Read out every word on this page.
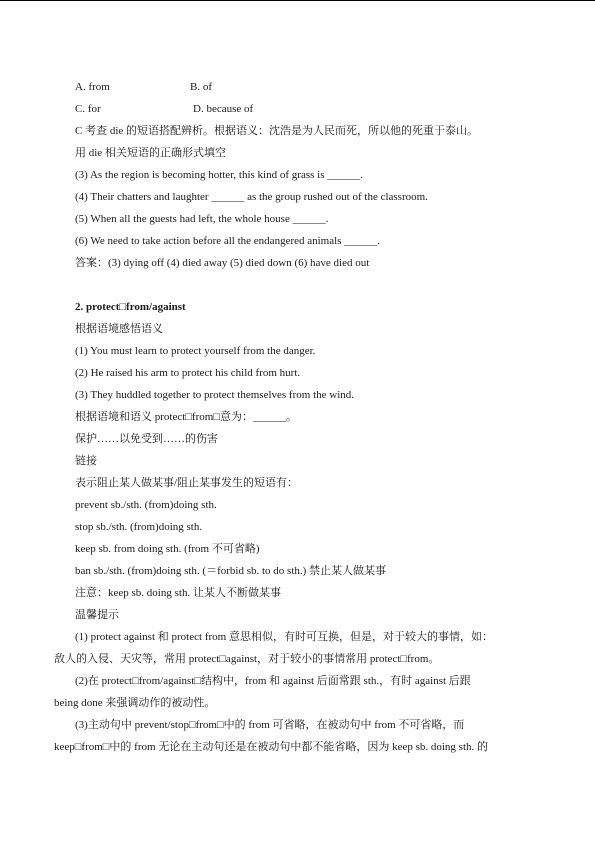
A. from	B. of
C. for	D. because of
C 考查 die 的短语搭配辨析。根据语义：沈浩是为人民而死，所以他的死重于泰山。
用 die 相关短语的正确形式填空
(3) As the region is becoming hotter, this kind of grass is ______.
(4) Their chatters and laughter ______ as the group rushed out of the classroom.
(5) When all the guests had left, the whole house ______.
(6) We need to take action before all the endangered animals ______.
答案：(3) dying off (4) died away (5) died down (6) have died out
2. protect□from/against
根据语境感悟语义
(1) You must learn to protect yourself from the danger.
(2) He raised his arm to protect his child from hurt.
(3) They huddled together to protect themselves from the wind.
根据语境和语义 protect□from□意为：______。
保护……以免受到……的伤害
链接
表示阻止某人做某事/阻止某事发生的短语有：
prevent sb./sth. (from)doing sth.
stop sb./sth. (from)doing sth.
keep sb. from doing sth. (from 不可省略)
ban sb./sth. (from)doing sth. (＝forbid sb. to do sth.) 禁止某人做某事
注意：keep sb. doing sth. 让某人不断做某事
温馨提示
(1) protect against 和 protect from 意思相似，有时可互换，但是，对于较大的事情，如：
敌人的入侵、天灾等，常用 protect□against，对于较小的事情常用 protect□from。
(2)在 protect□from/against□结构中，from 和 against 后面常跟 sth.，有时 against 后跟
being done 来强调动作的被动性。
(3)主动句中 prevent/stop□from□中的 from 可省略，在被动句中 from 不可省略，而
keep□from□中的 from 无论在主动句还是在被动句中都不能省略，因为 keep sb. doing sth. 的
